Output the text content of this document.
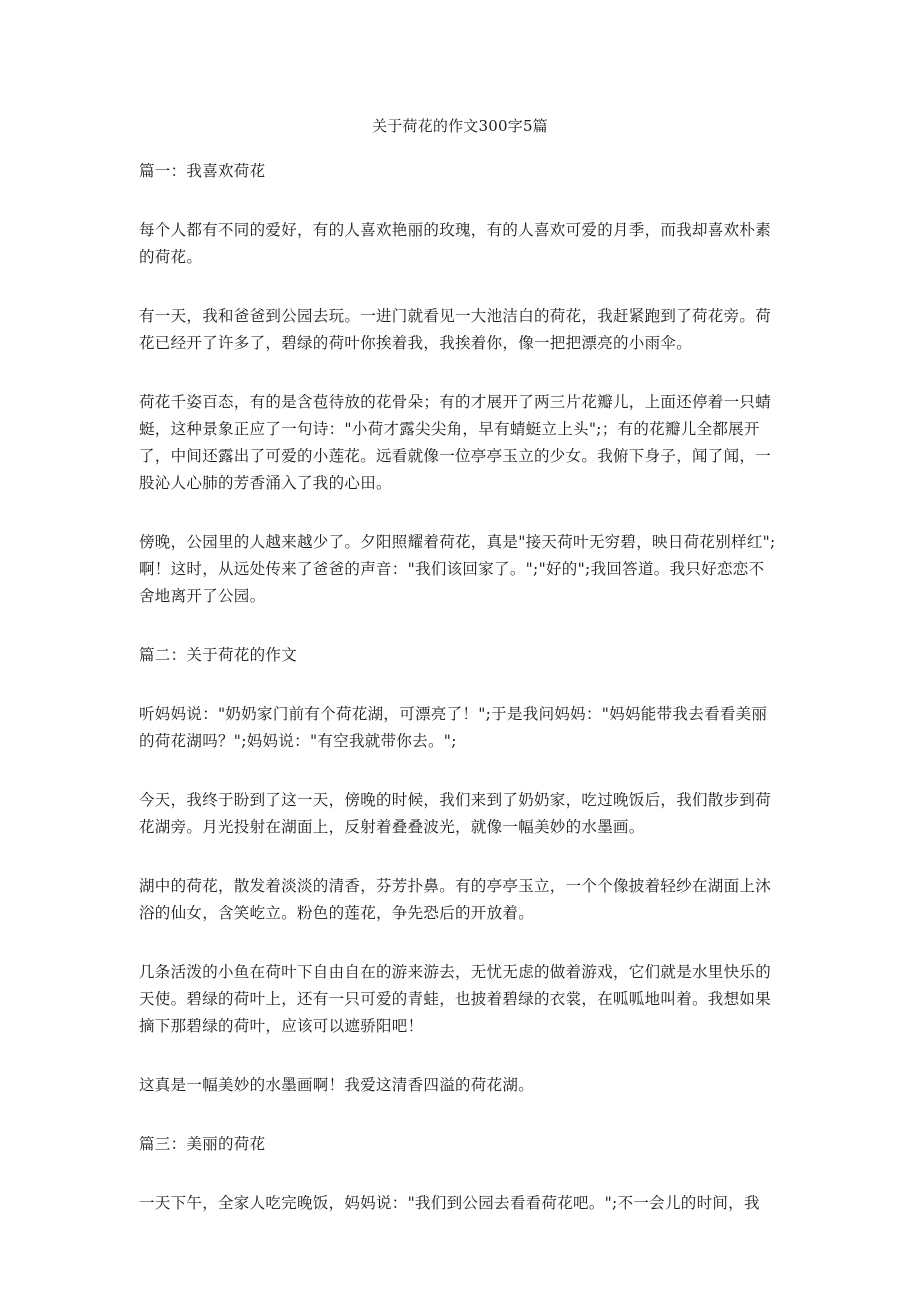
关于荷花的作文300字5篇

篇一：我喜欢荷花

每个人都有不同的爱好，有的人喜欢艳丽的玫瑰，有的人喜欢可爱的月季，而我却喜欢朴素的荷花。

有一天，我和爸爸到公园去玩。一进门就看见一大池洁白的荷花，我赶紧跑到了荷花旁。荷花已经开了许多了，碧绿的荷叶你挨着我，我挨着你，像一把把漂亮的小雨伞。

荷花千姿百态，有的是含苞待放的花骨朵；有的才展开了两三片花瓣儿，上面还停着一只蜻蜓，这种景象正应了一句诗："小荷才露尖尖角，早有蜻蜓立上头";；有的花瓣儿全都展开了，中间还露出了可爱的小莲花。远看就像一位亭亭玉立的少女。我俯下身子，闻了闻，一股沁人心肺的芳香涌入了我的心田。

傍晚，公园里的人越来越少了。夕阳照耀着荷花，真是"接天荷叶无穷碧，映日荷花别样红";啊！这时，从远处传来了爸爸的声音："我们该回家了。";"好的";我回答道。我只好恋恋不舍地离开了公园。

篇二：关于荷花的作文

听妈妈说："奶奶家门前有个荷花湖，可漂亮了！";于是我问妈妈："妈妈能带我去看看美丽的荷花湖吗？";妈妈说："有空我就带你去。";

今天，我终于盼到了这一天，傍晚的时候，我们来到了奶奶家，吃过晚饭后，我们散步到荷花湖旁。月光投射在湖面上，反射着叠叠波光，就像一幅美妙的水墨画。

湖中的荷花，散发着淡淡的清香，芬芳扑鼻。有的亭亭玉立，一个个像披着轻纱在湖面上沐浴的仙女，含笑屹立。粉色的莲花，争先恐后的开放着。

几条活泼的小鱼在荷叶下自由自在的游来游去，无忧无虑的做着游戏，它们就是水里快乐的天使。碧绿的荷叶上，还有一只可爱的青蛙，也披着碧绿的衣裳，在呱呱地叫着。我想如果摘下那碧绿的荷叶，应该可以遮骄阳吧！

这真是一幅美妙的水墨画啊！我爱这清香四溢的荷花湖。

篇三：美丽的荷花

一天下午，全家人吃完晚饭，妈妈说："我们到公园去看看荷花吧。";不一会儿的时间，我
